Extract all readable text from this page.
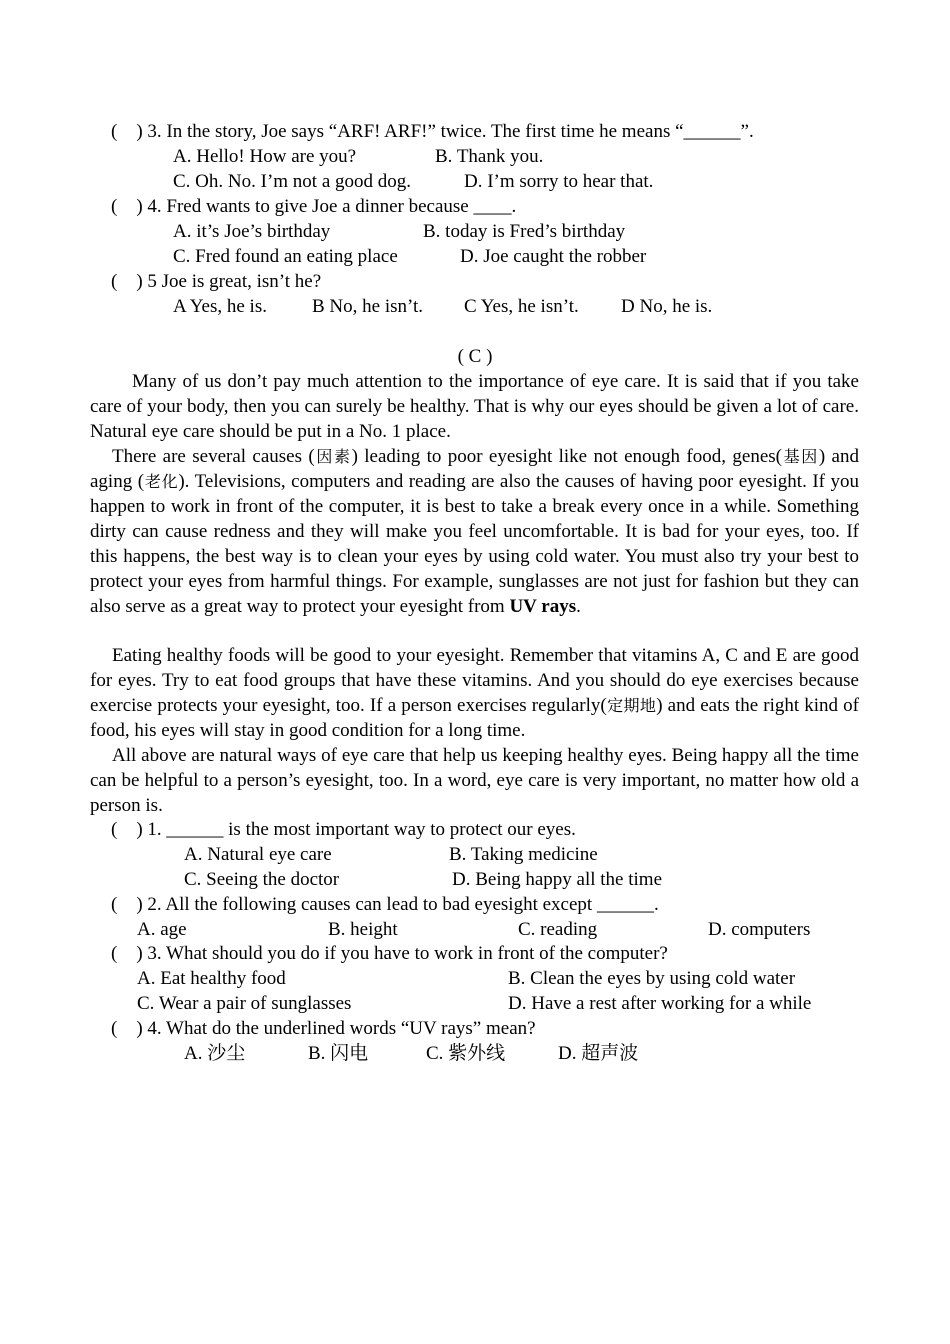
(    ) 3. In the story, Joe says “ARF! ARF!” twice. The first time he means “______”.
A. Hello! How are you?	B. Thank you.
C. Oh. No. I’m not a good dog.	D. I’m sorry to hear that.
(    ) 4. Fred wants to give Joe a dinner because ____.
A. it’s Joe’s birthday	B. today is Fred’s birthday
C. Fred found an eating place	D. Joe caught the robber
(    ) 5 Joe is great, isn’t he?
A Yes, he is. B No, he isn’t. C Yes, he isn’t. D No, he is.
( C )
Many of us don’t pay much attention to the importance of eye care. It is said that if you take care of your body, then you can surely be healthy. That is why our eyes should be given a lot of care. Natural eye care should be put in a No. 1 place.
There are several causes (因素) leading to poor eyesight like not enough food, genes(基因) and aging (老化). Televisions, computers and reading are also the causes of having poor eyesight. If you happen to work in front of the computer, it is best to take a break every once in a while. Something dirty can cause redness and they will make you feel uncomfortable. It is bad for your eyes, too. If this happens, the best way is to clean your eyes by using cold water. You must also try your best to protect your eyes from harmful things. For example, sunglasses are not just for fashion but they can also serve as a great way to protect your eyesight from UV rays.
Eating healthy foods will be good to your eyesight. Remember that vitamins A, C and E are good for eyes. Try to eat food groups that have these vitamins. And you should do eye exercises because exercise protects your eyesight, too. If a person exercises regularly(定期地) and eats the right kind of food, his eyes will stay in good condition for a long time.
All above are natural ways of eye care that help us keeping healthy eyes. Being happy all the time can be helpful to a person’s eyesight, too. In a word, eye care is very important, no matter how old a person is.
(    ) 1. ______ is the most important way to protect our eyes.
A. Natural eye care	B. Taking medicine
C. Seeing the doctor	D. Being happy all the time
(    ) 2. All the following causes can lead to bad eyesight except ______.
A. age	B. height	C. reading	D. computers
(    ) 3. What should you do if you have to work in front of the computer?
A. Eat healthy food	B. Clean the eyes by using cold water
C. Wear a pair of sunglasses	D. Have a rest after working for a while
(    ) 4. What do the underlined words “UV rays” mean?
A. 沙尘	B. 闪电	C. 紫外线	D. 超声波
